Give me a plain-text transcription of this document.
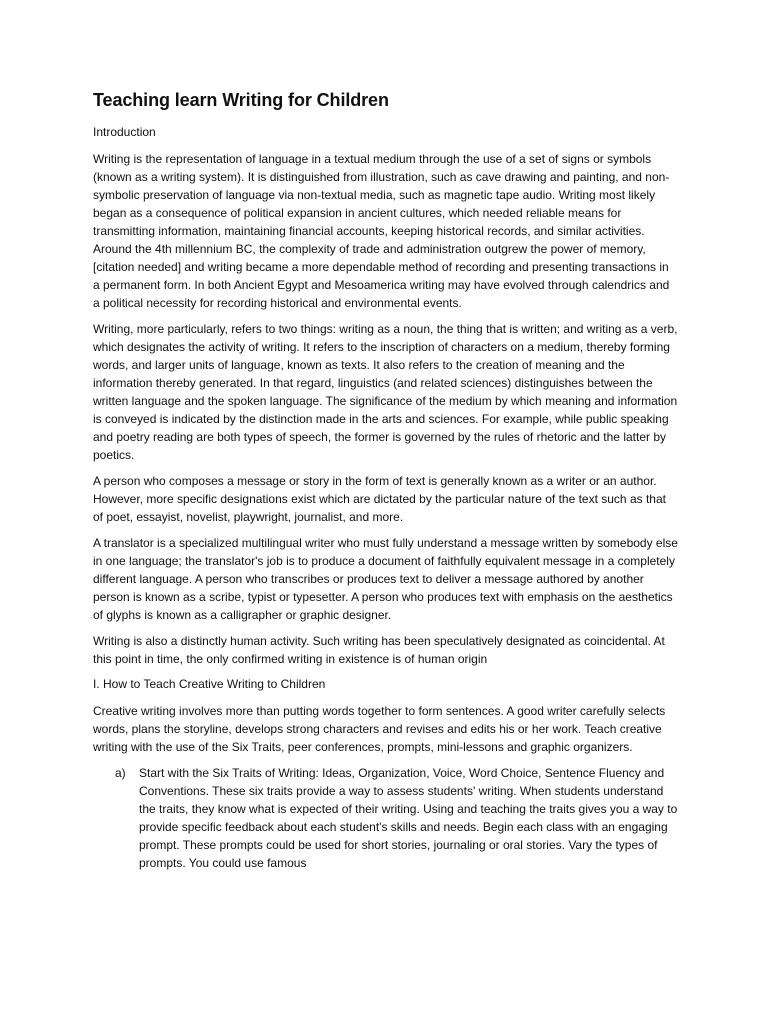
Teaching learn Writing for Children
Introduction

Writing is the representation of language in a textual medium through the use of a set of signs or symbols (known as a writing system). It is distinguished from illustration, such as cave drawing and painting, and non-symbolic preservation of language via non-textual media, such as magnetic tape audio. Writing most likely began as a consequence of political expansion in ancient cultures, which needed reliable means for transmitting information, maintaining financial accounts, keeping historical records, and similar activities. Around the 4th millennium BC, the complexity of trade and administration outgrew the power of memory, [citation needed] and writing became a more dependable method of recording and presenting transactions in a permanent form. In both Ancient Egypt and Mesoamerica writing may have evolved through calendrics and a political necessity for recording historical and environmental events.

Writing, more particularly, refers to two things: writing as a noun, the thing that is written; and writing as a verb, which designates the activity of writing. It refers to the inscription of characters on a medium, thereby forming words, and larger units of language, known as texts. It also refers to the creation of meaning and the information thereby generated. In that regard, linguistics (and related sciences) distinguishes between the written language and the spoken language. The significance of the medium by which meaning and information is conveyed is indicated by the distinction made in the arts and sciences. For example, while public speaking and poetry reading are both types of speech, the former is governed by the rules of rhetoric and the latter by poetics.

A person who composes a message or story in the form of text is generally known as a writer or an author. However, more specific designations exist which are dictated by the particular nature of the text such as that of poet, essayist, novelist, playwright, journalist, and more.

A translator is a specialized multilingual writer who must fully understand a message written by somebody else in one language; the translator's job is to produce a document of faithfully equivalent message in a completely different language. A person who transcribes or produces text to deliver a message authored by another person is known as a scribe, typist or typesetter. A person who produces text with emphasis on the aesthetics of glyphs is known as a calligrapher or graphic designer.

Writing is also a distinctly human activity. Such writing has been speculatively designated as coincidental. At this point in time, the only confirmed writing in existence is of human origin

I. How to Teach Creative Writing to Children

Creative writing involves more than putting words together to form sentences. A good writer carefully selects words, plans the storyline, develops strong characters and revises and edits his or her work. Teach creative writing with the use of the Six Traits, peer conferences, prompts, mini-lessons and graphic organizers.

a) Start with the Six Traits of Writing: Ideas, Organization, Voice, Word Choice, Sentence Fluency and Conventions. These six traits provide a way to assess students' writing. When students understand the traits, they know what is expected of their writing. Using and teaching the traits gives you a way to provide specific feedback about each student's skills and needs. Begin each class with an engaging prompt. These prompts could be used for short stories, journaling or oral stories. Vary the types of prompts. You could use famous
